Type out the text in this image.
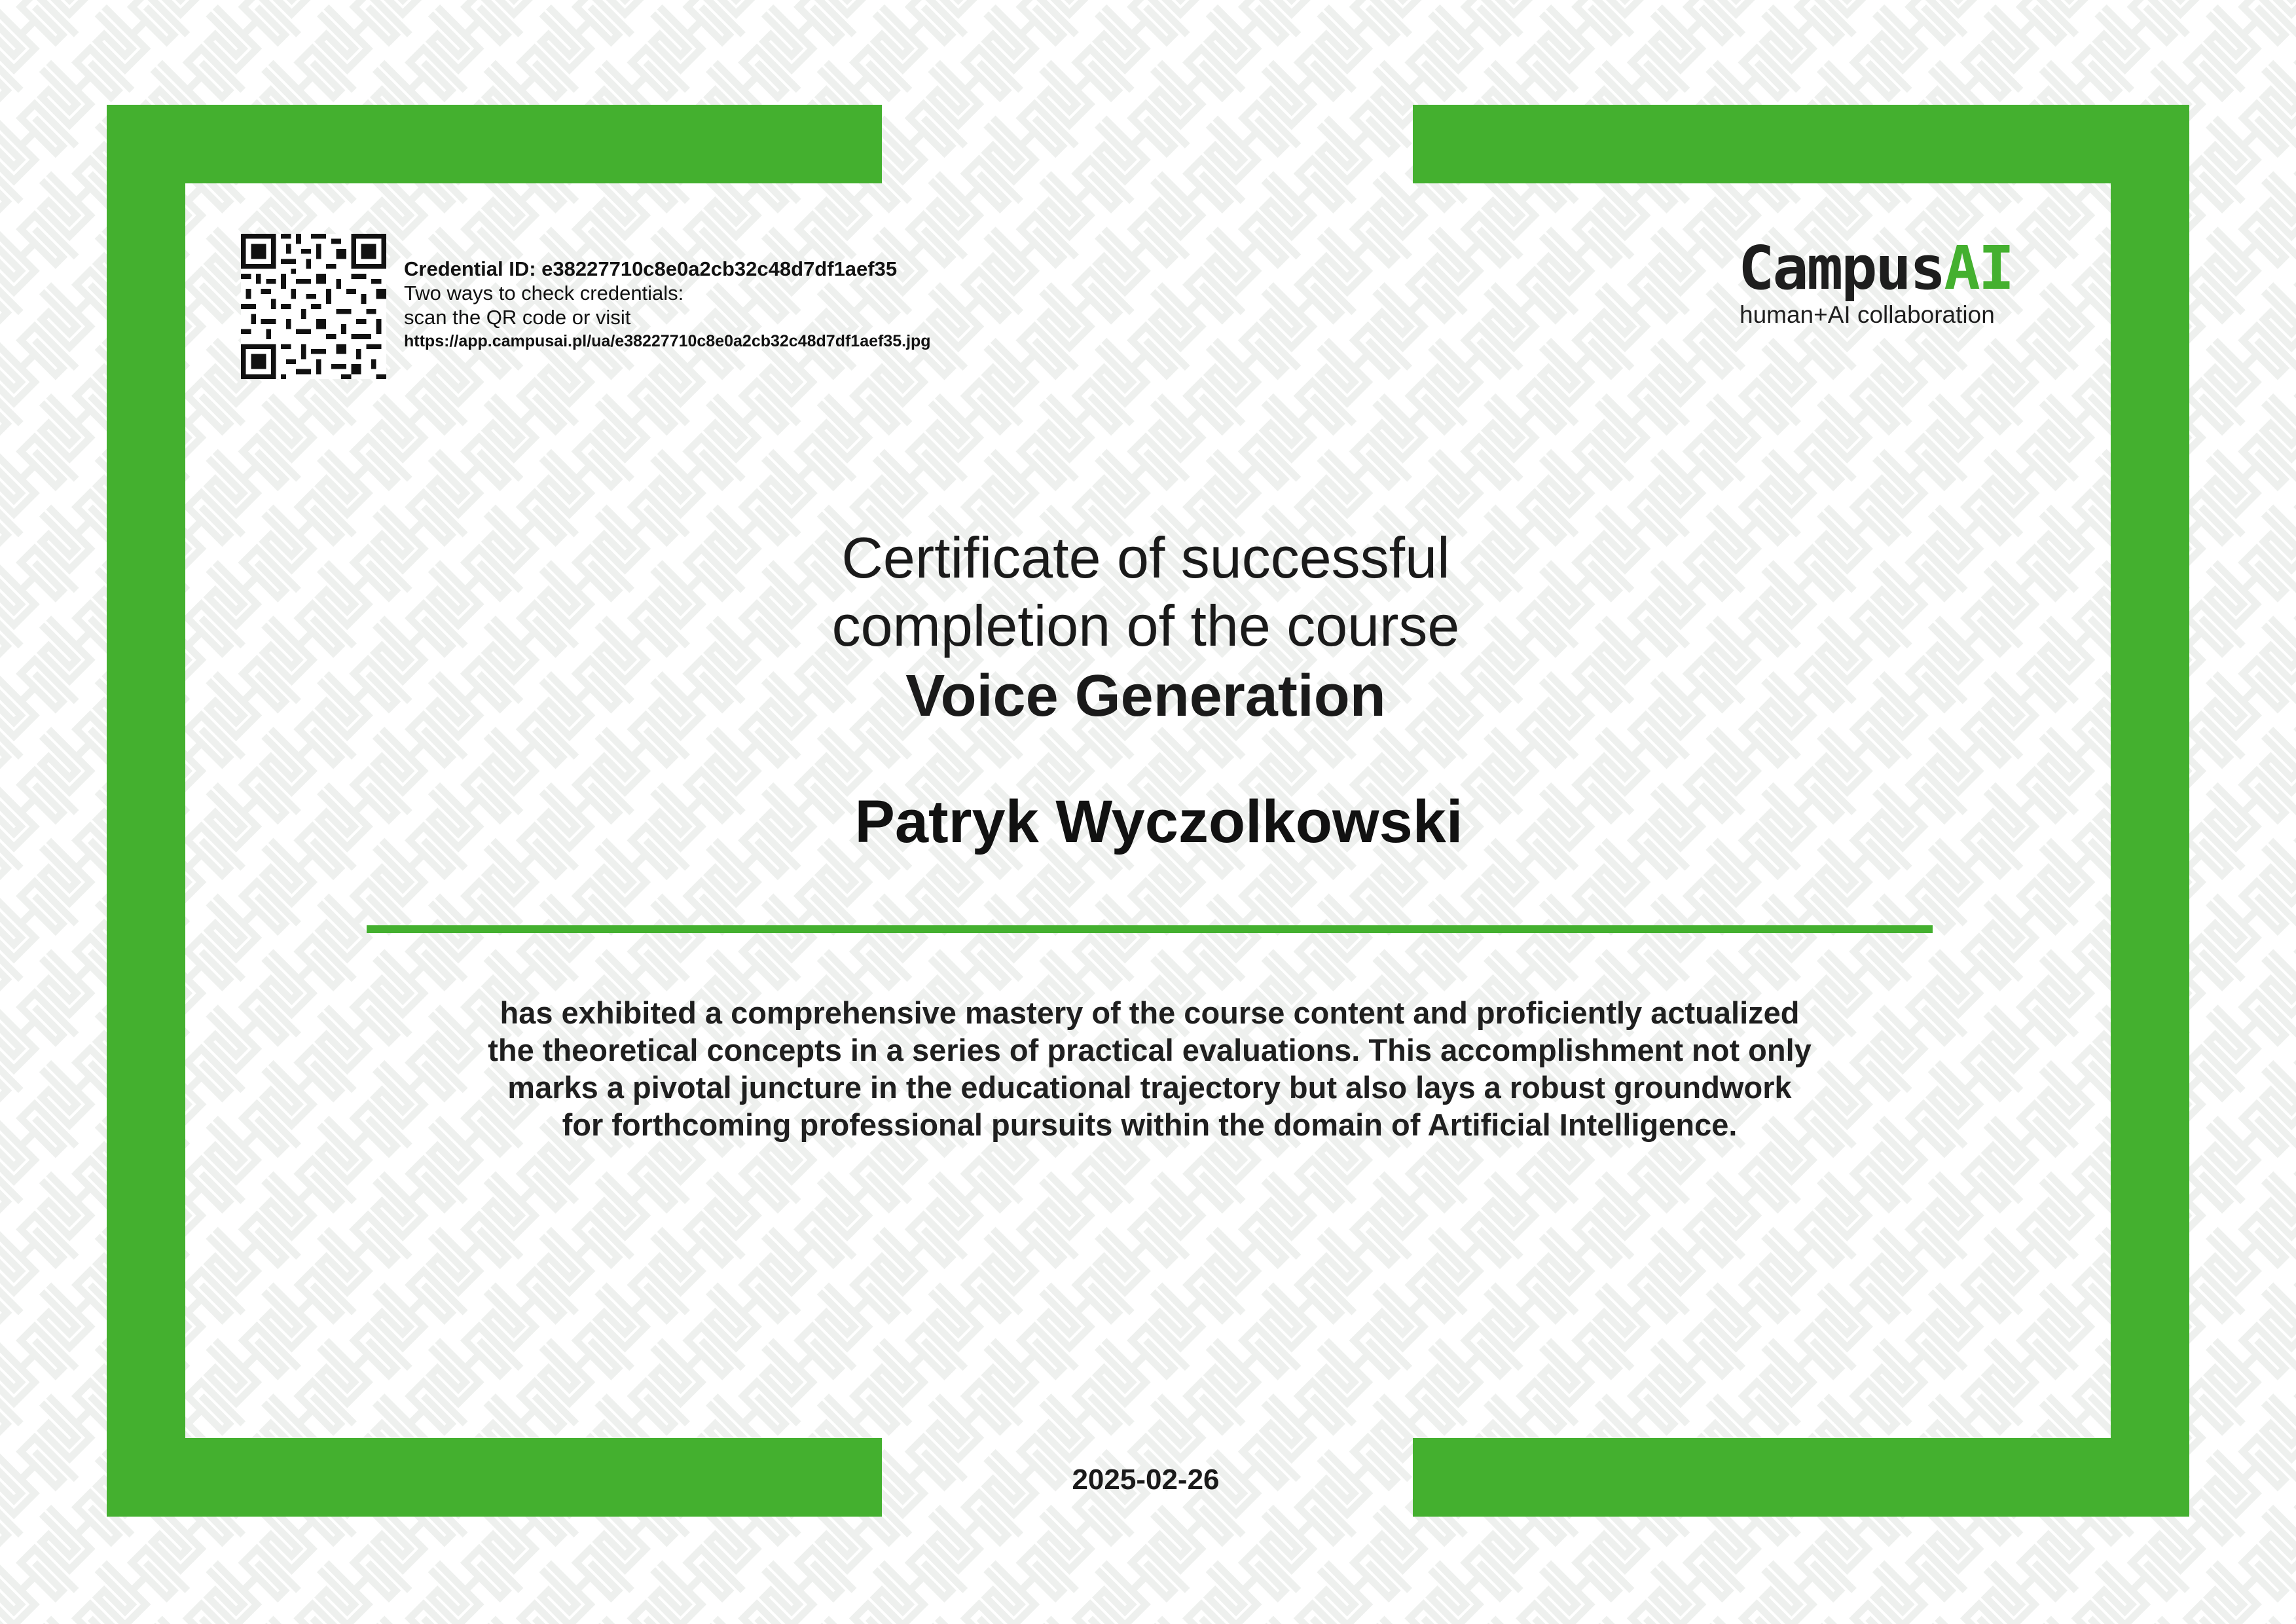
Credential ID: e38227710c8e0a2cb32c48d7df1aef35
Two ways to check credentials:
scan the QR code or visit
https://app.campusai.pl/ua/e38227710c8e0a2cb32c48d7df1aef35.jpg
CampusAI
human+AI collaboration
Certificate of successful
completion of the course
Voice Generation
Patryk Wyczolkowski
has exhibited a comprehensive mastery of the course content and proficiently actualized
the theoretical concepts in a series of practical evaluations. This accomplishment not only
marks a pivotal juncture in the educational trajectory but also lays a robust groundwork
for forthcoming professional pursuits within the domain of Artificial Intelligence.
2025-02-26
